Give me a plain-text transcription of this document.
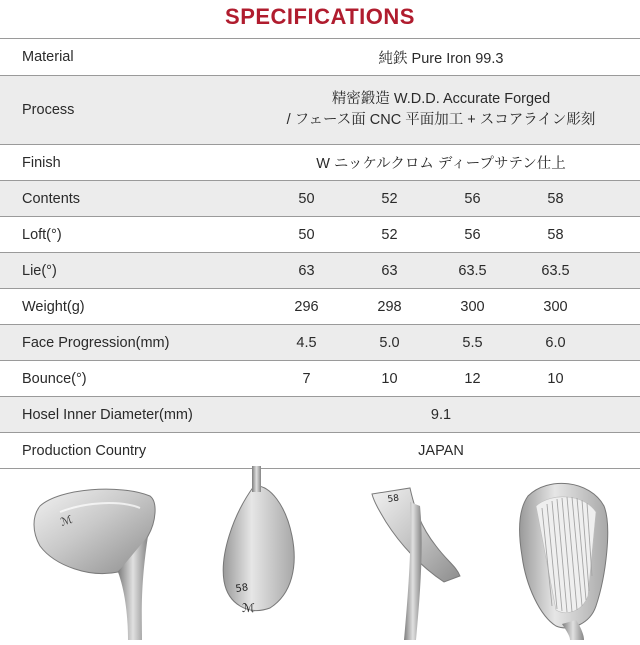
SPECIFICATIONS
Material	純鉄 Pure Iron 99.3
Process	精密鍛造 W.D.D. Accurate Forged
/ フェース面 CNC 平面加工 + スコアライン彫刻

Finish	W ニッケルクロム ディープサテン仕上
Contents	50 52 56 58

Loft(°)	50 52 56 58

Lie(°)	63 63 63.5 63.5

Weight(g)	296 298 300 300

Face Progression(mm)	4.5 5.0 5.5 6.0

Bounce(°)	7 10 12 10

Hosel Inner Diameter(mm)	9.1
Production Country	JAPAN
ℳ
58
ℳ
58
